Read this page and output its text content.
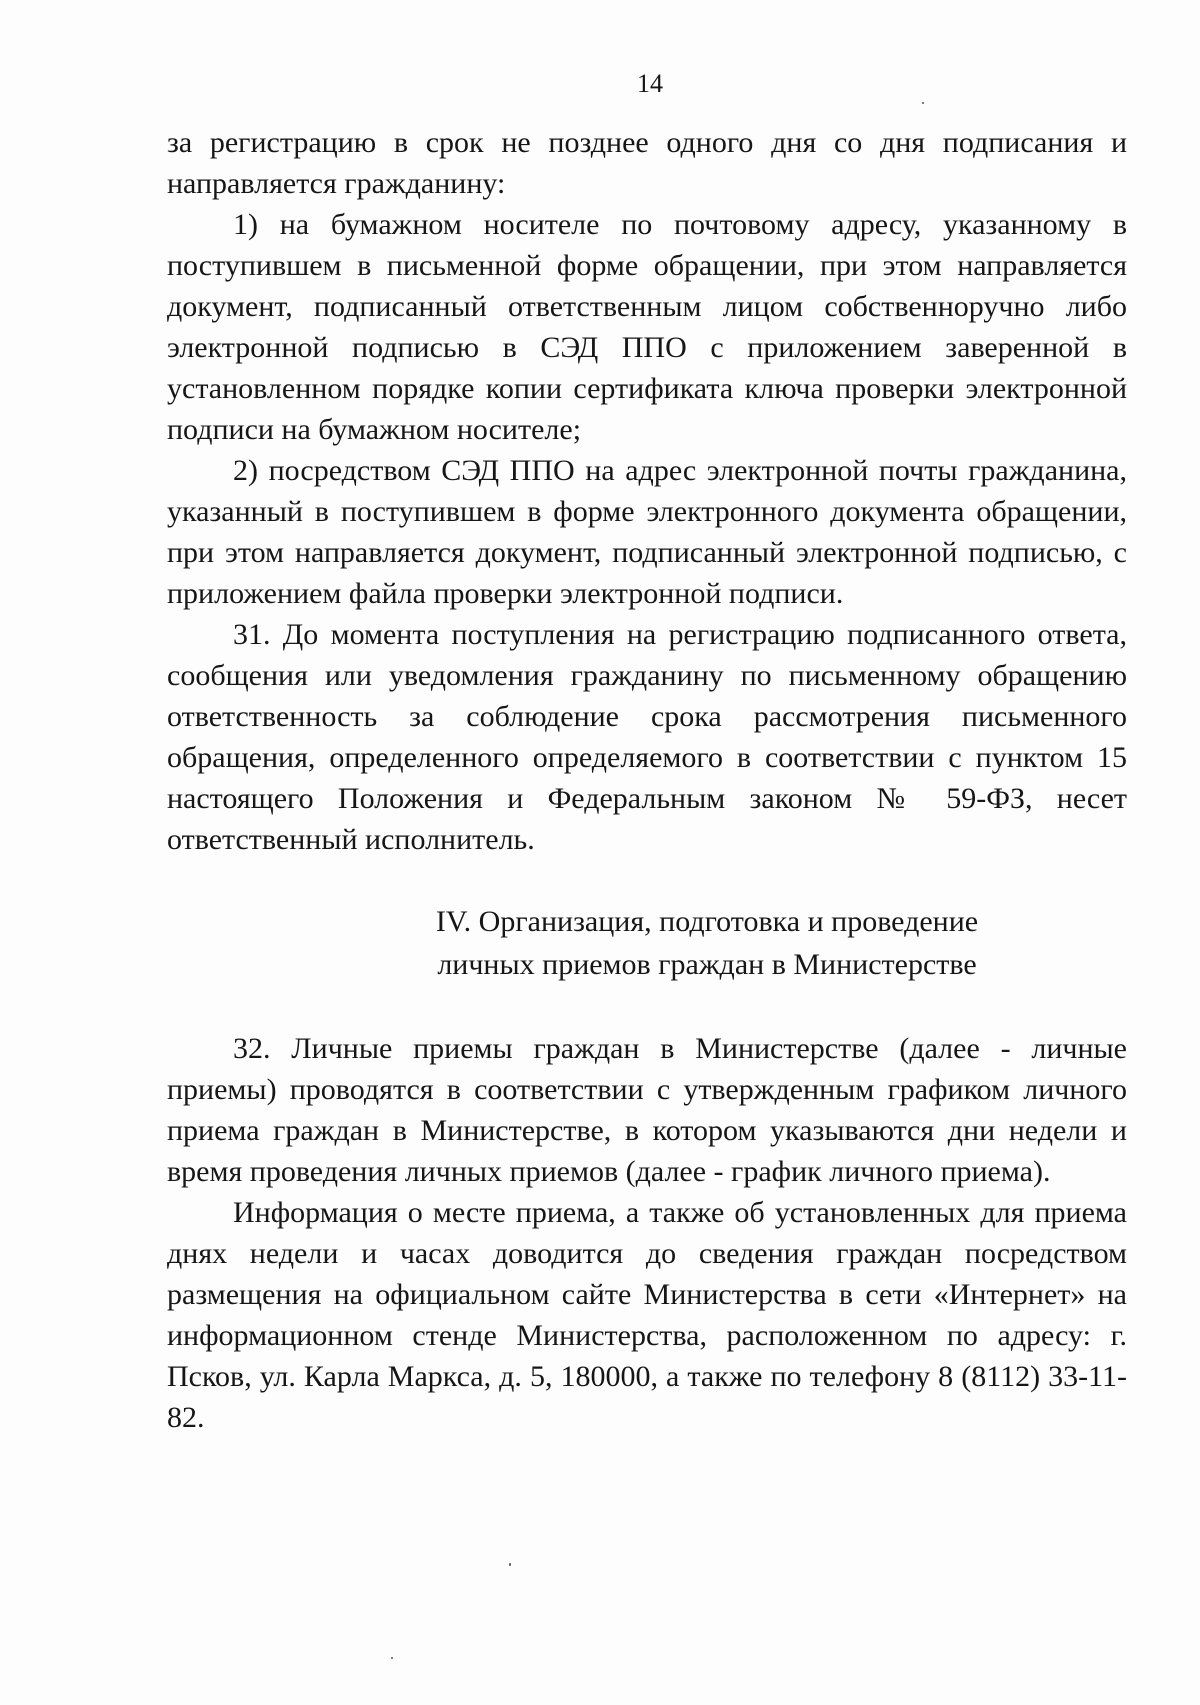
14

за регистрацию в срок не позднее одного дня со дня подписания и направляется гражданину:

1) на бумажном носителе по почтовому адресу, указанному в поступившем в письменной форме обращении, при этом направляется документ, подписанный ответственным лицом собственноручно либо электронной подписью в СЭД ППО с приложением заверенной в установленном порядке копии сертификата ключа проверки электронной подписи на бумажном носителе;

2) посредством СЭД ППО на адрес электронной почты гражданина, указанный в поступившем в форме электронного документа обращении, при этом направляется документ, подписанный электронной подписью, с приложением файла проверки электронной подписи.

31. До момента поступления на регистрацию подписанного ответа, сообщения или уведомления гражданину по письменному обращению ответственность за соблюдение срока рассмотрения письменного обращения, определенного определяемого в соответствии с пунктом 15 настоящего Положения и Федеральным законом № 59-ФЗ, несет ответственный исполнитель.

IV. Организация, подготовка и проведение
личных приемов граждан в Министерстве

32. Личные приемы граждан в Министерстве (далее - личные приемы) проводятся в соответствии с утвержденным графиком личного приема граждан в Министерстве, в котором указываются дни недели и время проведения личных приемов (далее - график личного приема).

Информация о месте приема, а также об установленных для приема днях недели и часах доводится до сведения граждан посредством размещения на официальном сайте Министерства в сети «Интернет» на информационном стенде Министерства, расположенном по адресу: г. Псков, ул. Карла Маркса, д. 5, 180000, а также по телефону 8 (8112) 33-11-82.
